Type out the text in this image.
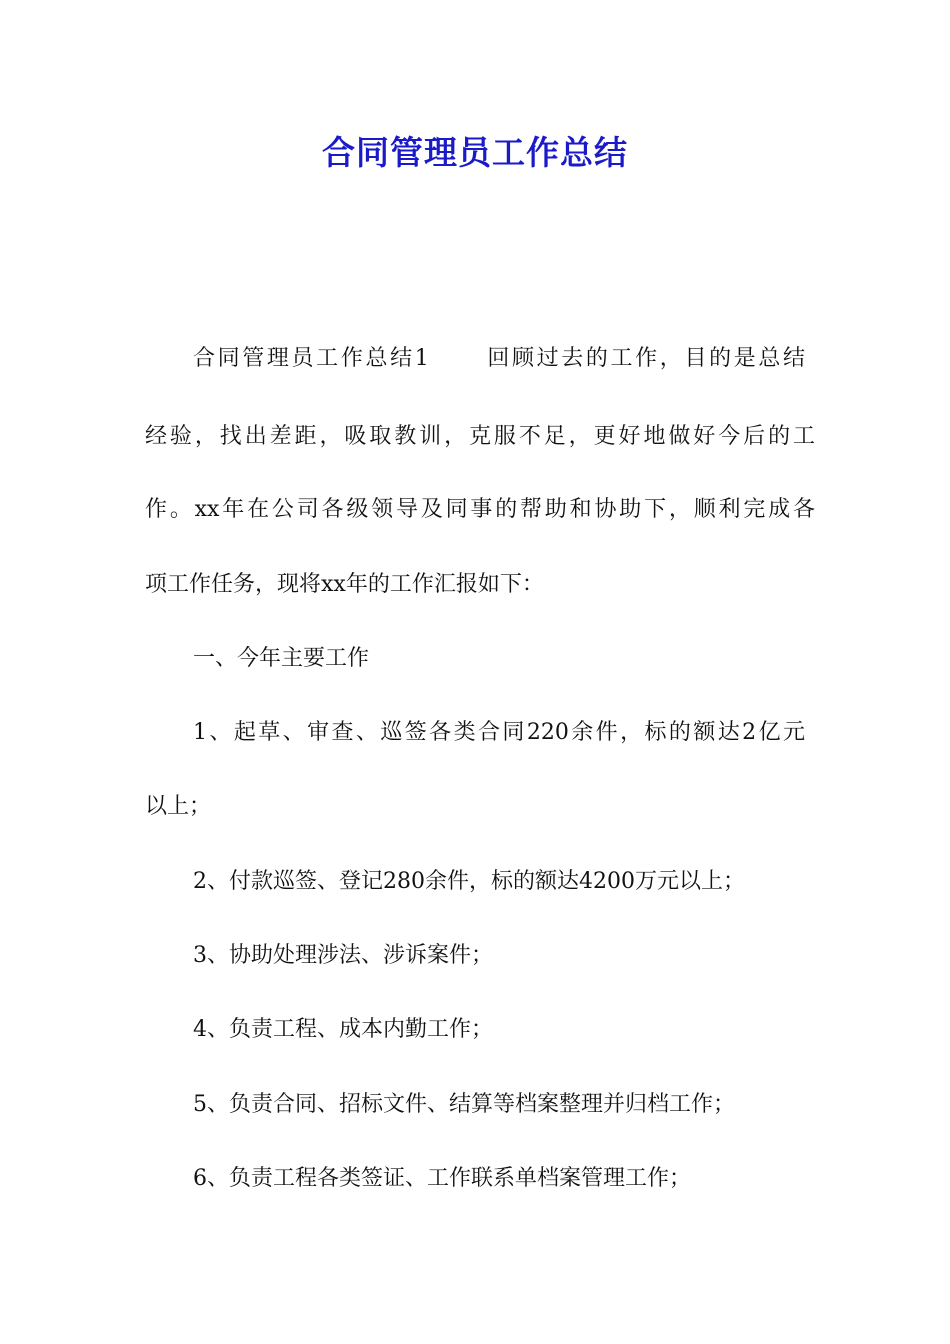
合同管理员工作总结
合同管理员工作总结1	回顾过去的工作，目的是总结
经验，找出差距，吸取教训，克服不足，更好地做好今后的工
作。xx年在公司各级领导及同事的帮助和协助下，顺利完成各
项工作任务，现将xx年的工作汇报如下：
一、今年主要工作
1、起草、审查、巡签各类合同220余件，标的额达2亿元
以上；
2、付款巡签、登记280余件，标的额达4200万元以上；
3、协助处理涉法、涉诉案件；
4、负责工程、成本内勤工作；
5、负责合同、招标文件、结算等档案整理并归档工作；
6、负责工程各类签证、工作联系单档案管理工作；
